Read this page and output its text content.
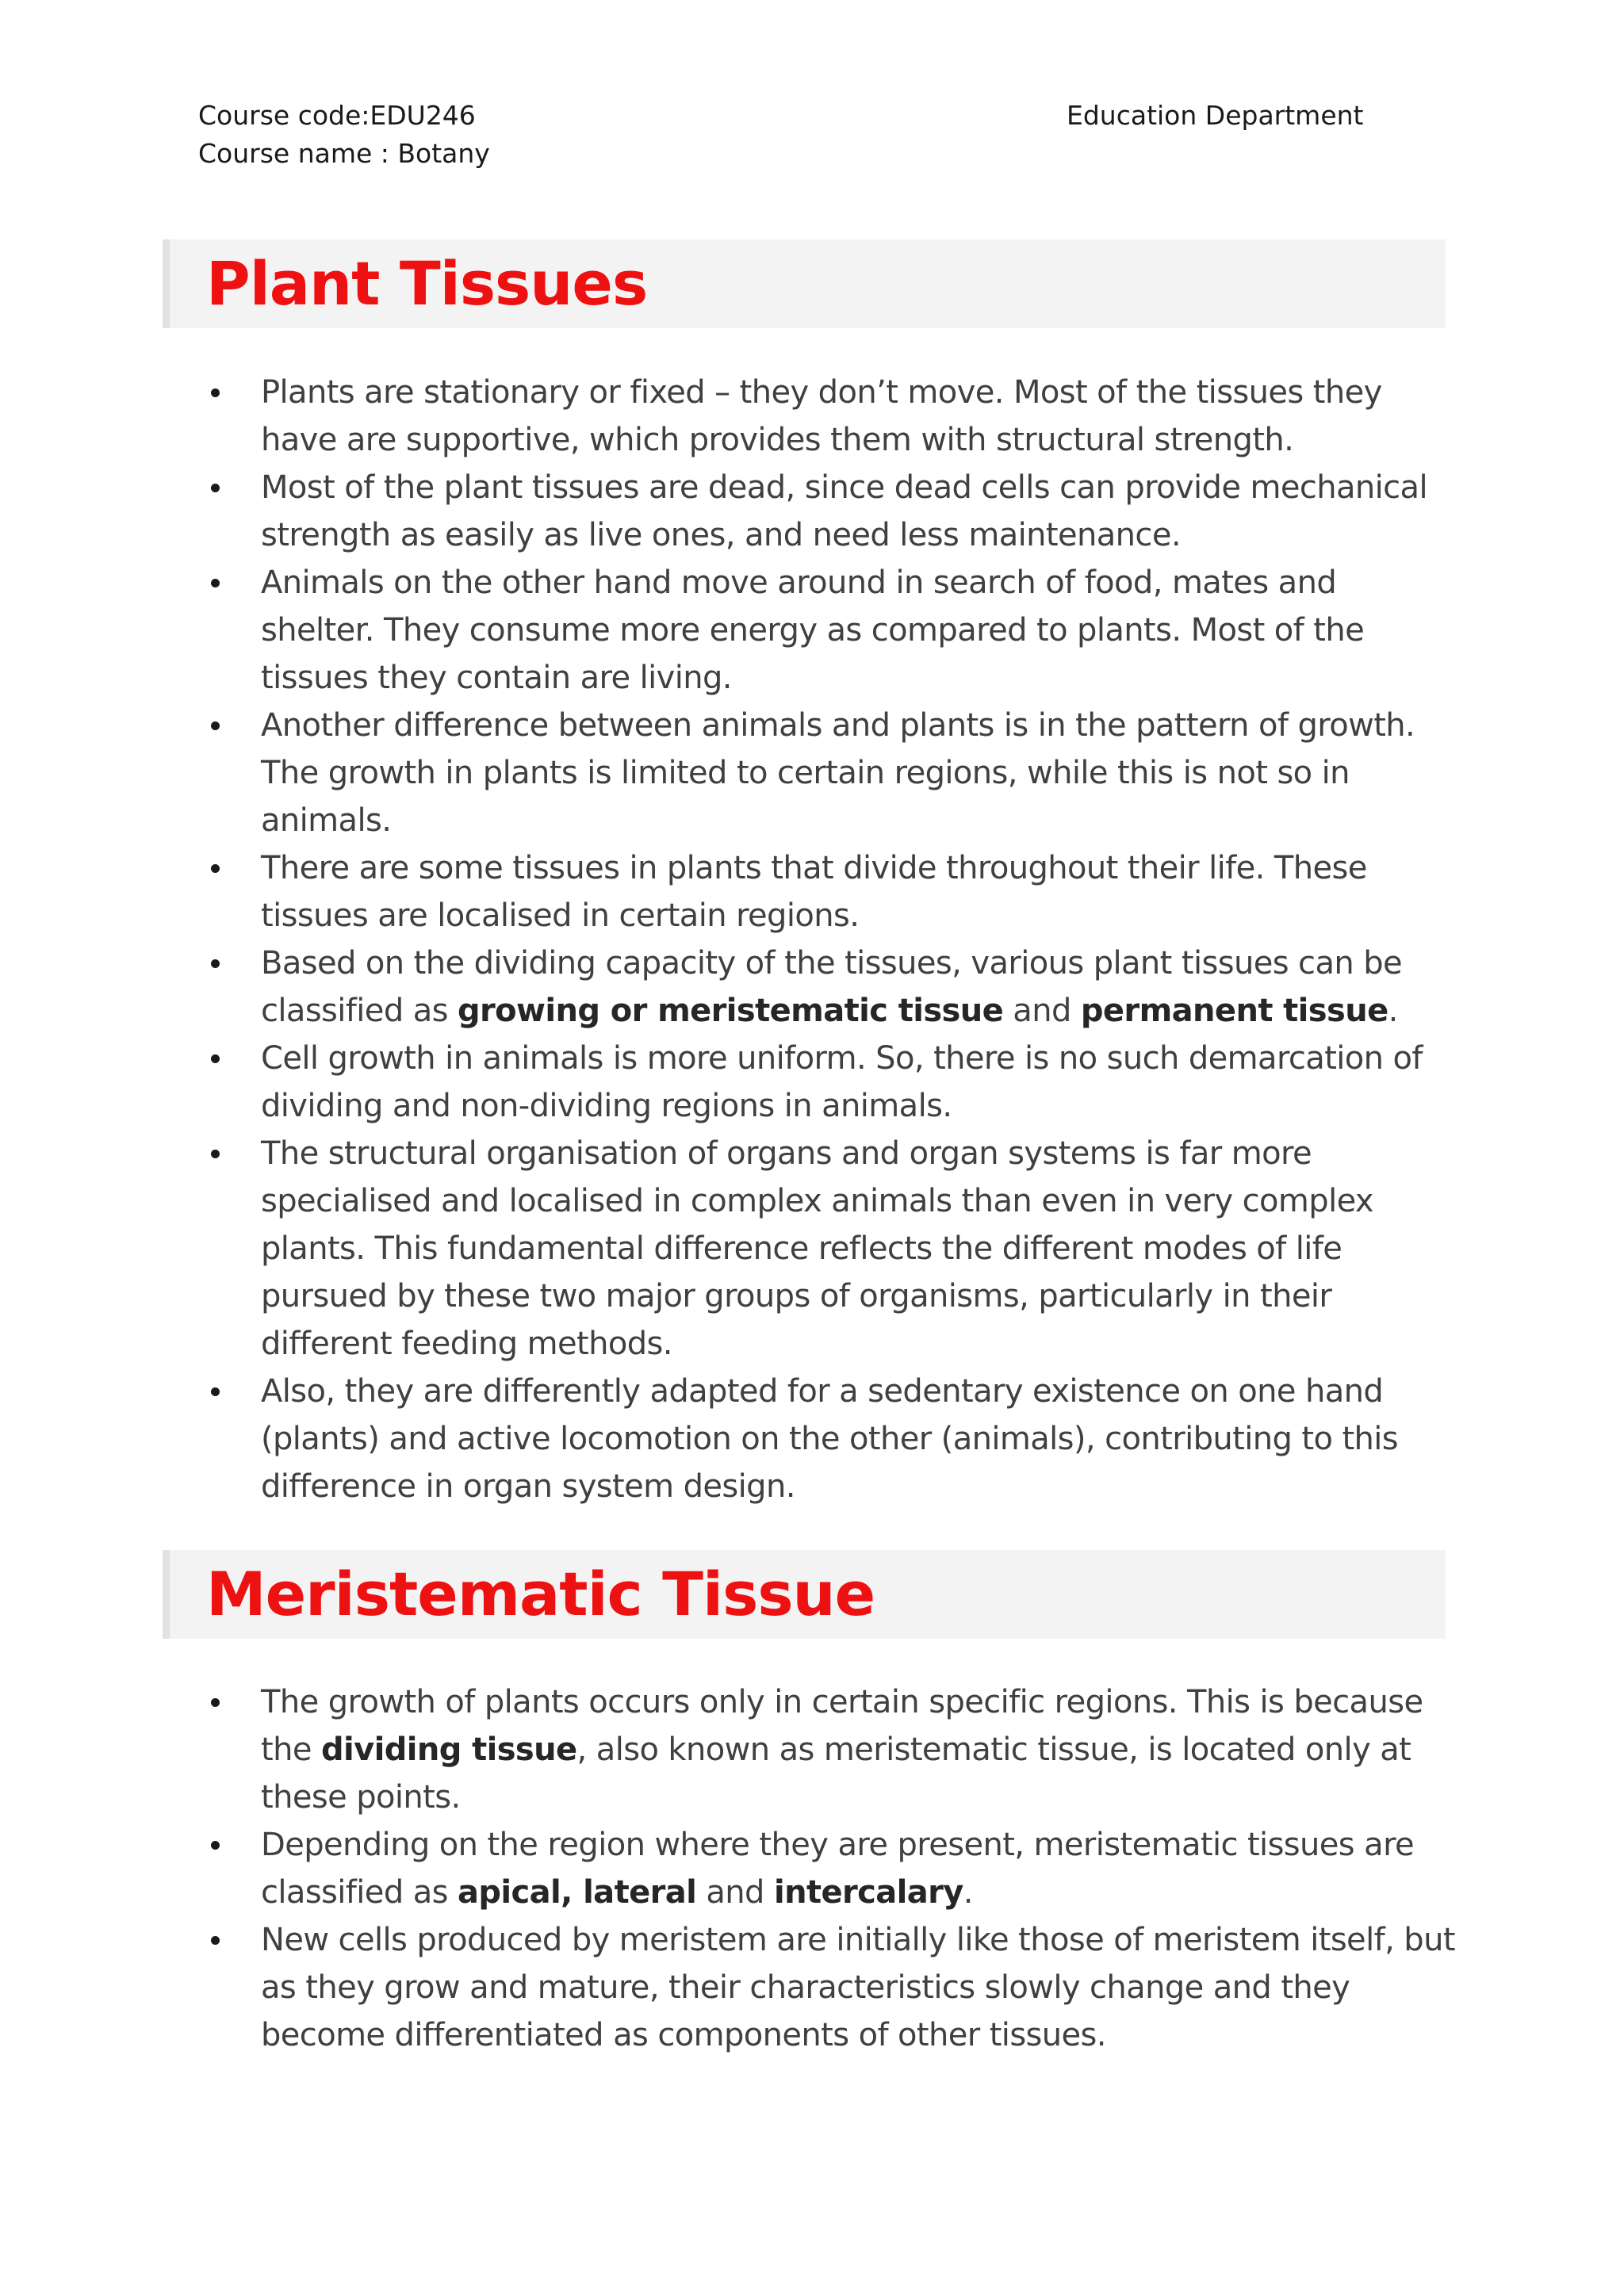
Course code:EDU246
Course name : Botany
Education Department
Plant Tissues
Plants are stationary or fixed – they don’t move. Most of the tissues they have are supportive, which provides them with structural strength.
Most of the plant tissues are dead, since dead cells can provide mechanical strength as easily as live ones, and need less maintenance.
Animals on the other hand move around in search of food, mates and shelter. They consume more energy as compared to plants. Most of the tissues they contain are living.
Another difference between animals and plants is in the pattern of growth. The growth in plants is limited to certain regions, while this is not so in animals.
There are some tissues in plants that divide throughout their life. These tissues are localised in certain regions.
Based on the dividing capacity of the tissues, various plant tissues can be classified as growing or meristematic tissue and permanent tissue.
Cell growth in animals is more uniform. So, there is no such demarcation of dividing and non-dividing regions in animals.
The structural organisation of organs and organ systems is far more specialised and localised in complex animals than even in very complex plants. This fundamental difference reflects the different modes of life pursued by these two major groups of organisms, particularly in their different feeding methods.
Also, they are differently adapted for a sedentary existence on one hand (plants) and active locomotion on the other (animals), contributing to this difference in organ system design.
Meristematic Tissue
The growth of plants occurs only in certain specific regions. This is because the dividing tissue, also known as meristematic tissue, is located only at these points.
Depending on the region where they are present, meristematic tissues are classified as apical, lateral and intercalary.
New cells produced by meristem are initially like those of meristem itself, but as they grow and mature, their characteristics slowly change and they become differentiated as components of other tissues.
